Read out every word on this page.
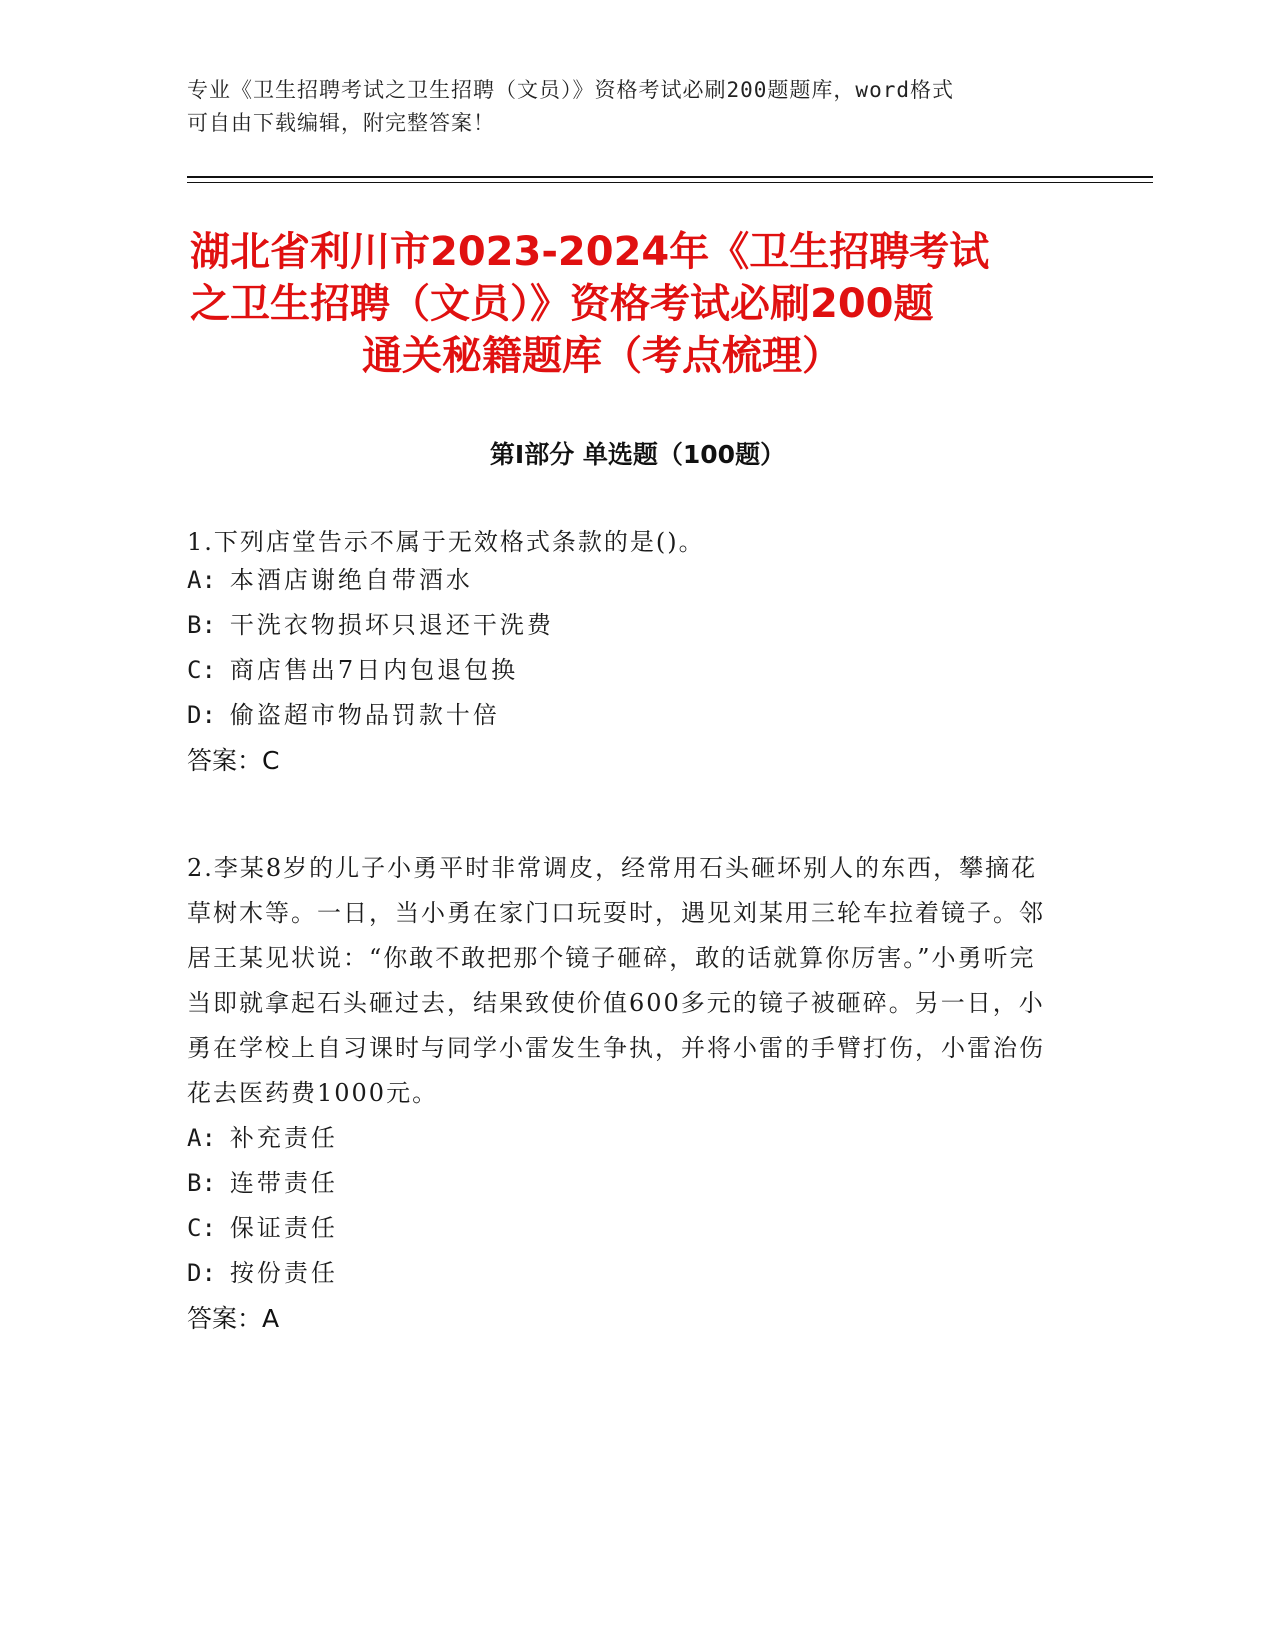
专业《卫生招聘考试之卫生招聘（文员）》资格考试必刷200题题库，word格式
可自由下载编辑，附完整答案！
湖北省利川市2023-2024年《卫生招聘考试
之卫生招聘（文员）》资格考试必刷200题
通关秘籍题库（考点梳理）
第Ⅰ部分 单选题（100题）

1.下列店堂告示不属于无效格式条款的是()。

A: 本酒店谢绝自带酒水
B: 干洗衣物损坏只退还干洗费
C: 商店售出7日内包退包换
D: 偷盗超市物品罚款十倍
答案：C

2.李某8岁的儿子小勇平时非常调皮，经常用石头砸坏别人的东西，攀摘花草树木等。一日，当小勇在家门口玩耍时，遇见刘某用三轮车拉着镜子。邻居王某见状说：“你敢不敢把那个镜子砸碎，敢的话就算你厉害。”小勇听完当即就拿起石头砸过去，结果致使价值600多元的镜子被砸碎。另一日，小勇在学校上自习课时与同学小雷发生争执，并将小雷的手臂打伤，小雷治伤花去医药费1000元。

A: 补充责任
B: 连带责任
C: 保证责任
D: 按份责任
答案：A
